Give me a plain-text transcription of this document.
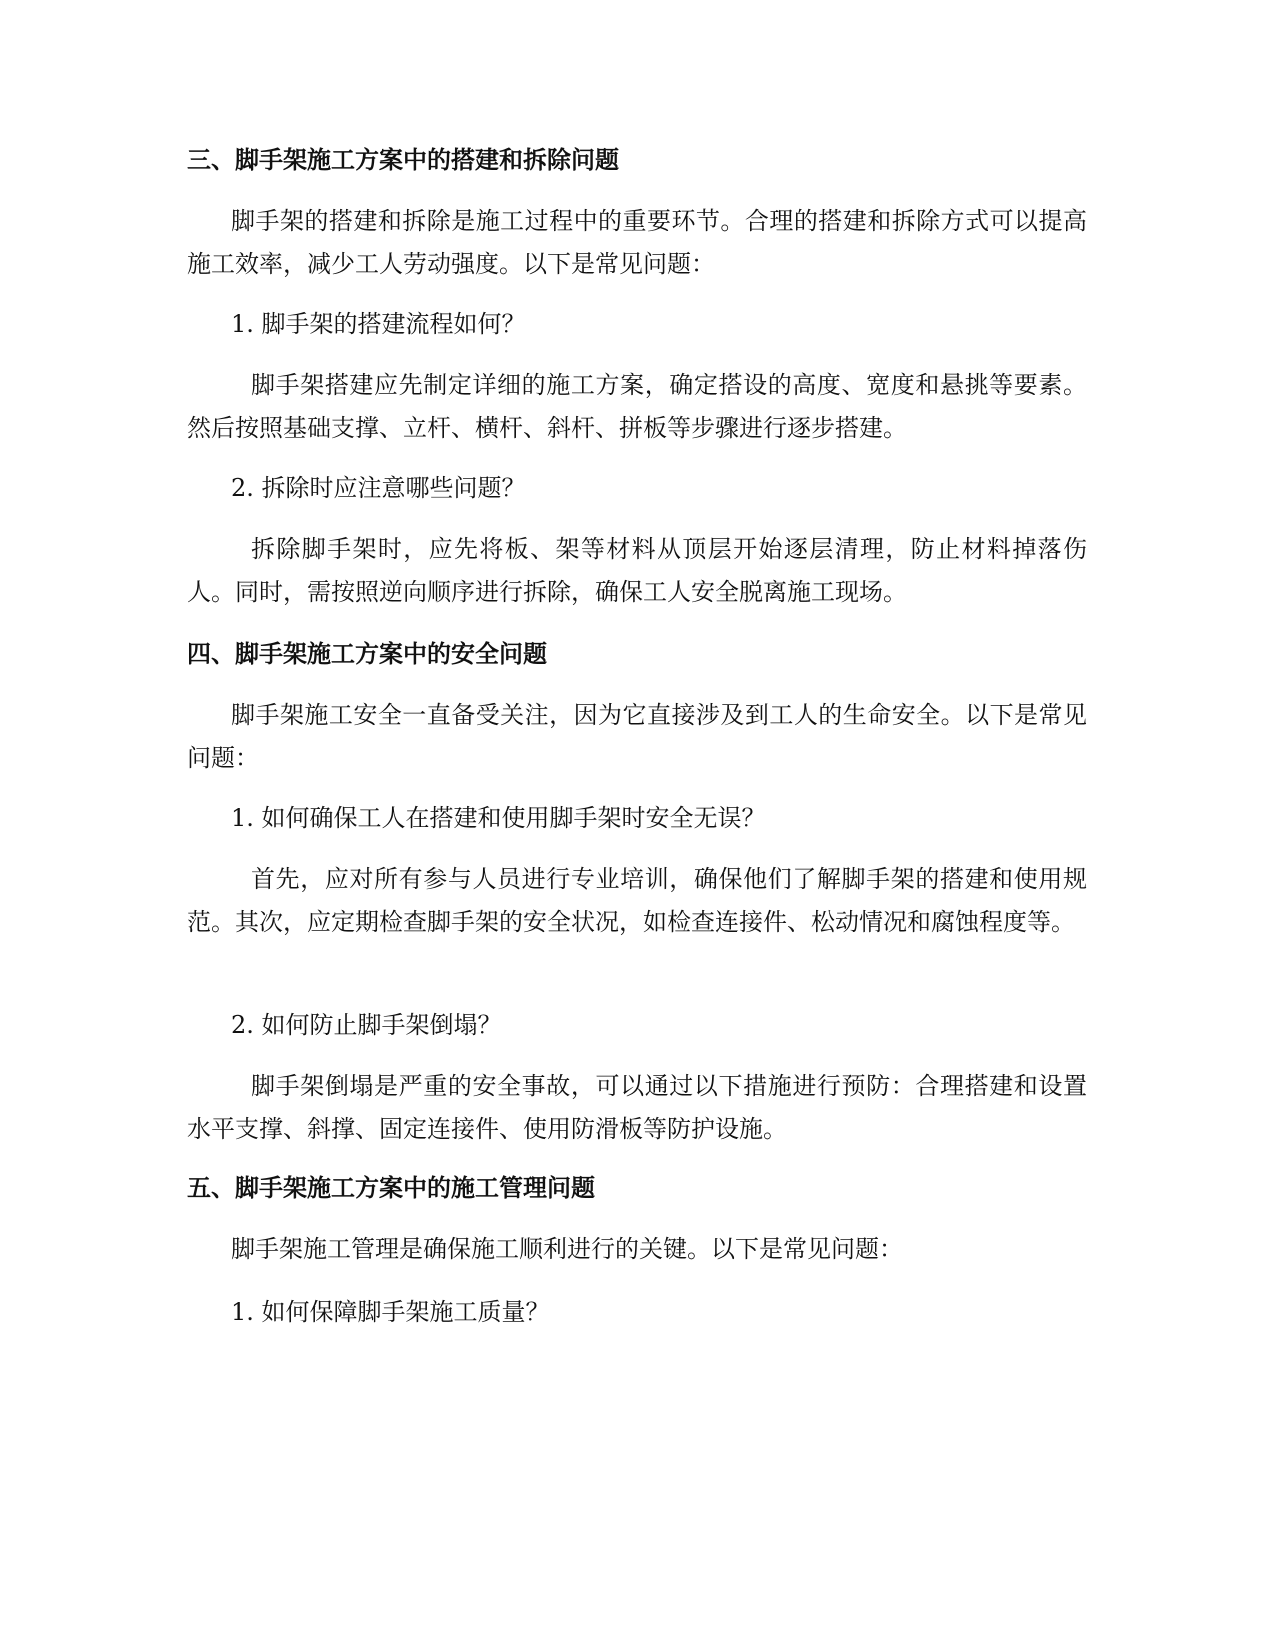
三、脚手架施工方案中的搭建和拆除问题

脚手架的搭建和拆除是施工过程中的重要环节。合理的搭建和拆除方式可以提高施工效率，减少工人劳动强度。以下是常见问题：

1. 脚手架的搭建流程如何？

脚手架搭建应先制定详细的施工方案，确定搭设的高度、宽度和悬挑等要素。然后按照基础支撑、立杆、横杆、斜杆、拼板等步骤进行逐步搭建。

2. 拆除时应注意哪些问题？

拆除脚手架时，应先将板、架等材料从顶层开始逐层清理，防止材料掉落伤人。同时，需按照逆向顺序进行拆除，确保工人安全脱离施工现场。

四、脚手架施工方案中的安全问题

脚手架施工安全一直备受关注，因为它直接涉及到工人的生命安全。以下是常见问题：

1. 如何确保工人在搭建和使用脚手架时安全无误？

首先，应对所有参与人员进行专业培训，确保他们了解脚手架的搭建和使用规范。其次，应定期检查脚手架的安全状况，如检查连接件、松动情况和腐蚀程度等。

2. 如何防止脚手架倒塌？

脚手架倒塌是严重的安全事故，可以通过以下措施进行预防：合理搭建和设置水平支撑、斜撑、固定连接件、使用防滑板等防护设施。

五、脚手架施工方案中的施工管理问题

脚手架施工管理是确保施工顺利进行的关键。以下是常见问题：

1. 如何保障脚手架施工质量？
